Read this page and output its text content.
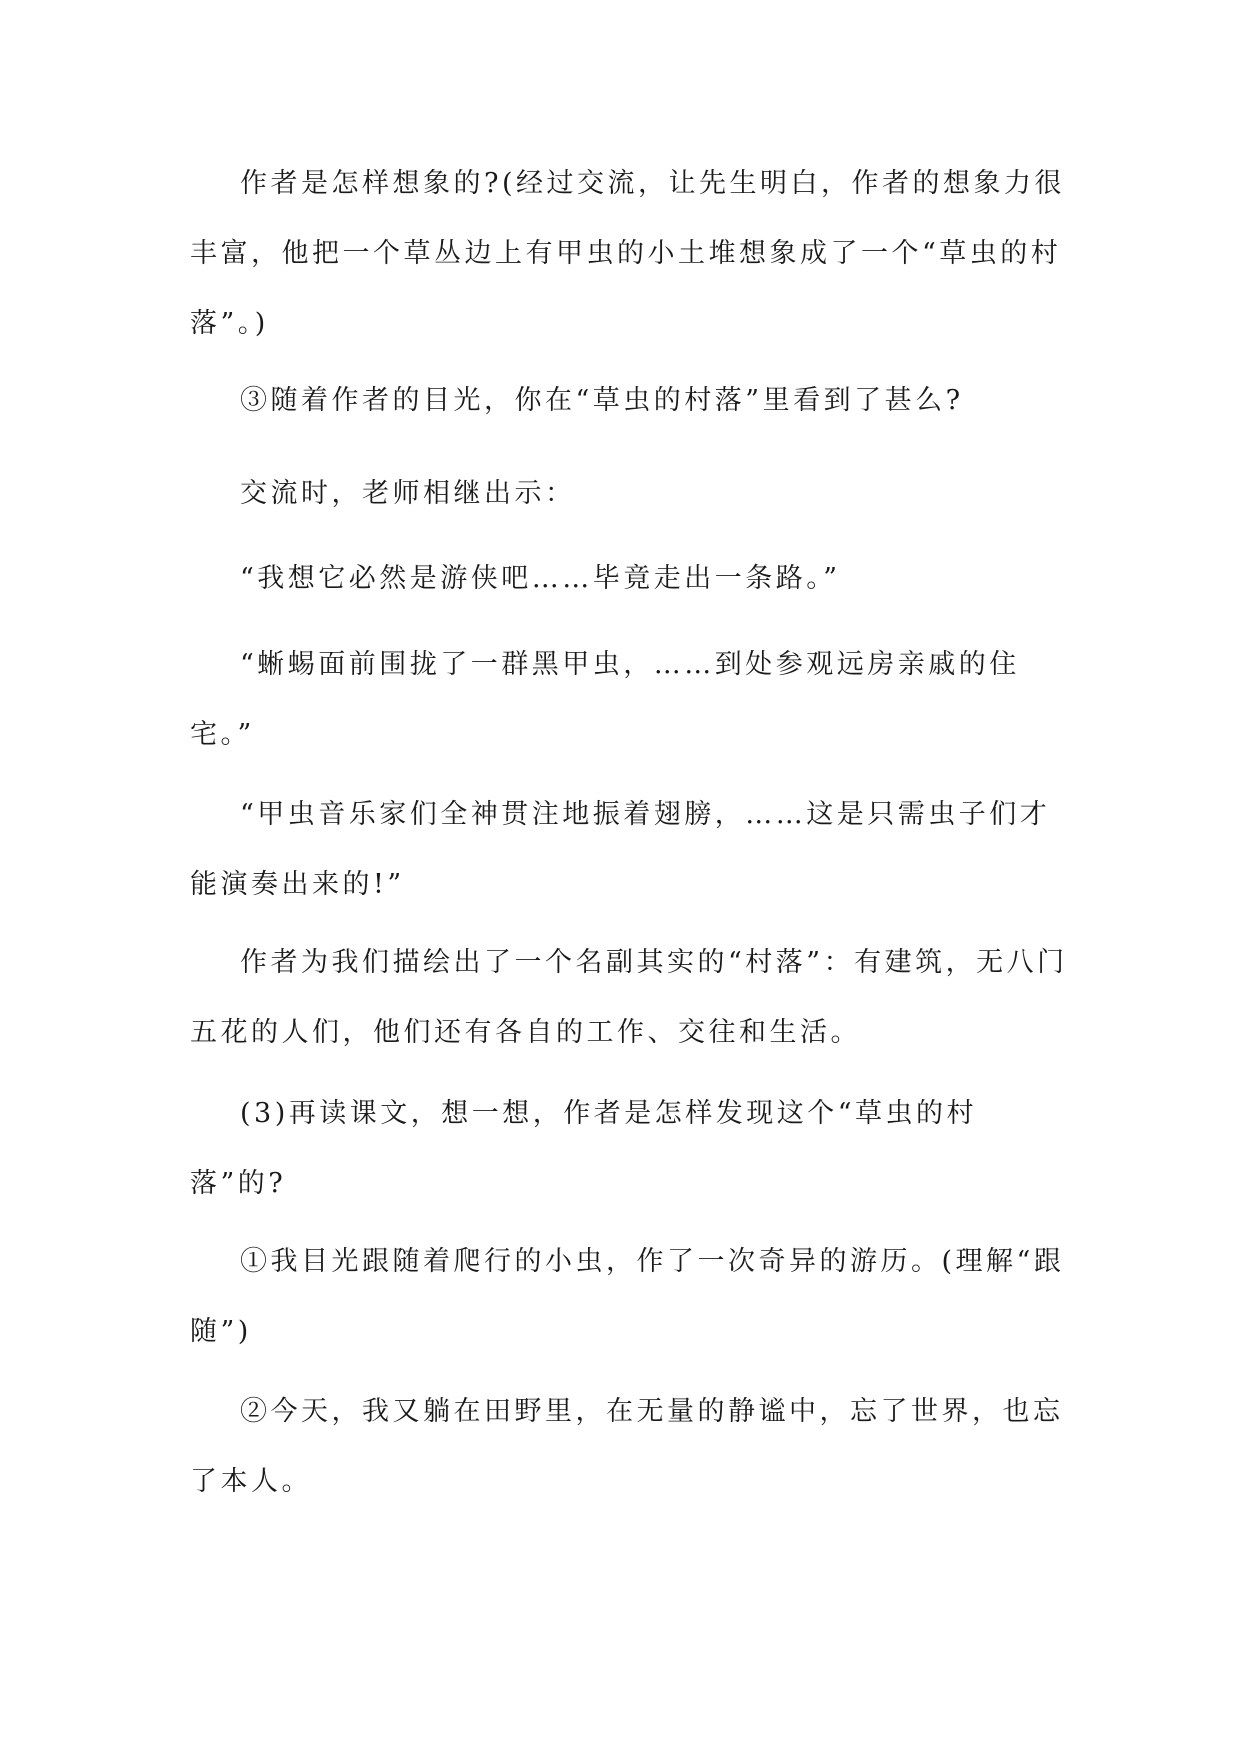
作者是怎样想象的?(经过交流，让先生明白，作者的想象力很丰富，他把一个草丛边上有甲虫的小土堆想象成了一个“草虫的村落”。)

③随着作者的目光，你在“草虫的村落”里看到了甚么?

交流时，老师相继出示：

“我想它必然是游侠吧……毕竟走出一条路。”

“蜥蜴面前围拢了一群黑甲虫，……到处参观远房亲戚的住宅。”

“甲虫音乐家们全神贯注地振着翅膀，……这是只需虫子们才能演奏出来的!”

作者为我们描绘出了一个名副其实的“村落”：有建筑，无八门五花的人们，他们还有各自的工作、交往和生活。

(3)再读课文，想一想，作者是怎样发现这个“草虫的村落”的?

①我目光跟随着爬行的小虫，作了一次奇异的游历。(理解“跟随”)

②今天，我又躺在田野里，在无量的静谧中，忘了世界，也忘了本人。
